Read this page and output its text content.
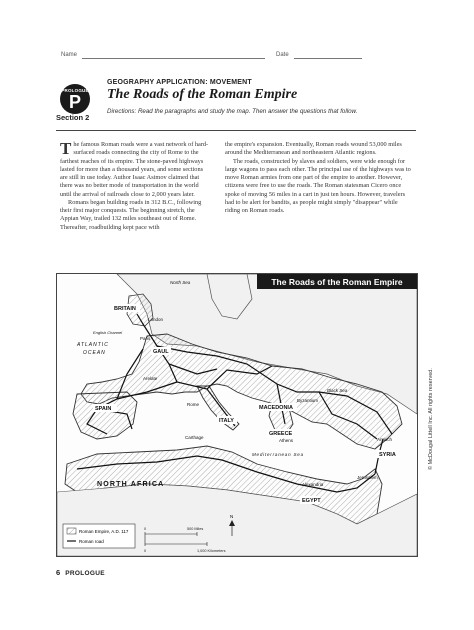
Name	Date
PROLOGUE
P
Section 2
GEOGRAPHY APPLICATION: MOVEMENT
The Roads of the Roman Empire
Directions: Read the paragraphs and study the map. Then answer the questions that follow.

The famous Roman roads were a vast network of hard-surfaced roads connecting the city of Rome to the farthest reaches of its empire. The stone-paved highways lasted for more than a thousand years, and some sections are still in use today. Author Isaac Asimov claimed that there was no better mode of transportation in the world until the arrival of railroads close to 2,000 years later.

Romans began building roads in 312 B.C., following their first major conquests. The beginning stretch, the Appian Way, trailed 132 miles southeast out of Rome. Thereafter, roadbuilding kept pace with

the empire's expansion. Eventually, Roman roads wound 53,000 miles around the Mediterranean and northeastern Atlantic regions.

The roads, constructed by slaves and soldiers, were wide enough for large wagons to pass each other. The principal use of the highways was to move Roman armies from one part of the empire to another. However, citizens were free to use the roads. The Roman statesman Cicero once spoke of moving 56 miles in a cart in just ten hours. However, travelers had to be alert for bandits, as people might simply "disappear" while riding on Roman roads.

The Roads of the Roman Empire
North Sea
English Channel
ATLANTIC
OCEAN
BRITAIN
London
Paris
GAUL
Arelate
SPAIN
Rome
ITALY
Carthage
MACEDONIA
Byzantium
GREECE
Athens	Antioch
SYRIA
Jerusalem
Alexandria
EGYPT
NORTH AFRICA
Black Sea
Mediterranean Sea
Roman Empire, A.D. 117
Roman road
0	500 Miles
0	1,000 Kilometers
N
6 PROLOGUE
© McDougal Littell Inc. All rights reserved.
